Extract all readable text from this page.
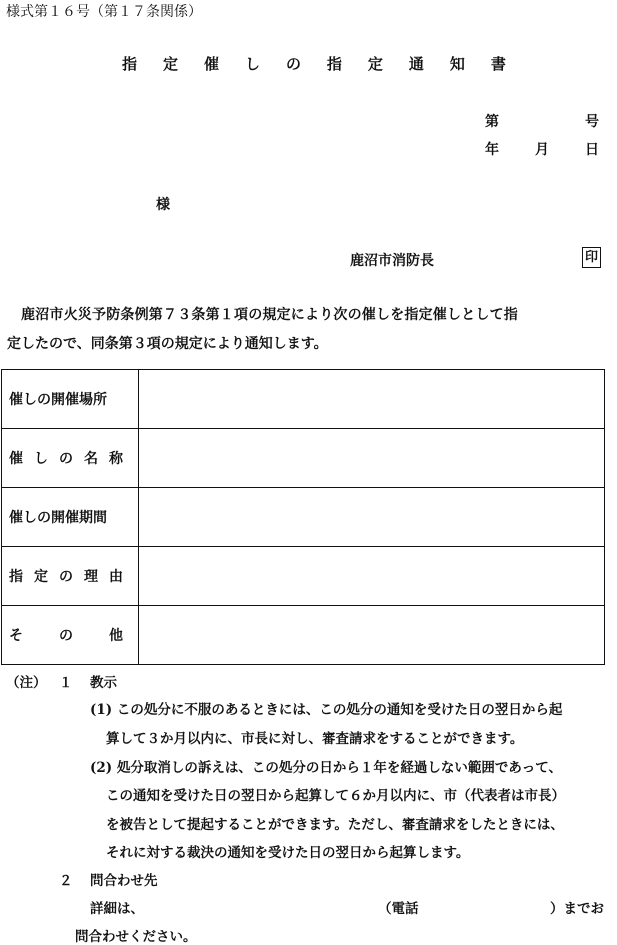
様式第１６号（第１７条関係）
指 定 催 し の 指 定 通 知 書
第	号
年	月	日
様
鹿沼市消防長	印
鹿沼市火災予防条例第７３条第１項の規定により次の催しを指定催しとして指
定したので、同条第３項の規定により通知します。
催しの開催場所	

催 し の 名 称	

催しの開催期間	

指 定 の 理 由	

そ の 他	

（注） １ 教示
(1) この処分に不服のあるときには、この処分の通知を受けた日の翌日から起
算して３か月以内に、市長に対し、審査請求をすることができます。
(2) 処分取消しの訴えは、この処分の日から１年を経過しない範囲であって、
この通知を受けた日の翌日から起算して６か月以内に、市（代表者は市長）
を被告として提起することができます。ただし、審査請求をしたときには、
それに対する裁決の通知を受けた日の翌日から起算します。
２ 問合わせ先
詳細は、	（電話	）までお
問合わせください。
